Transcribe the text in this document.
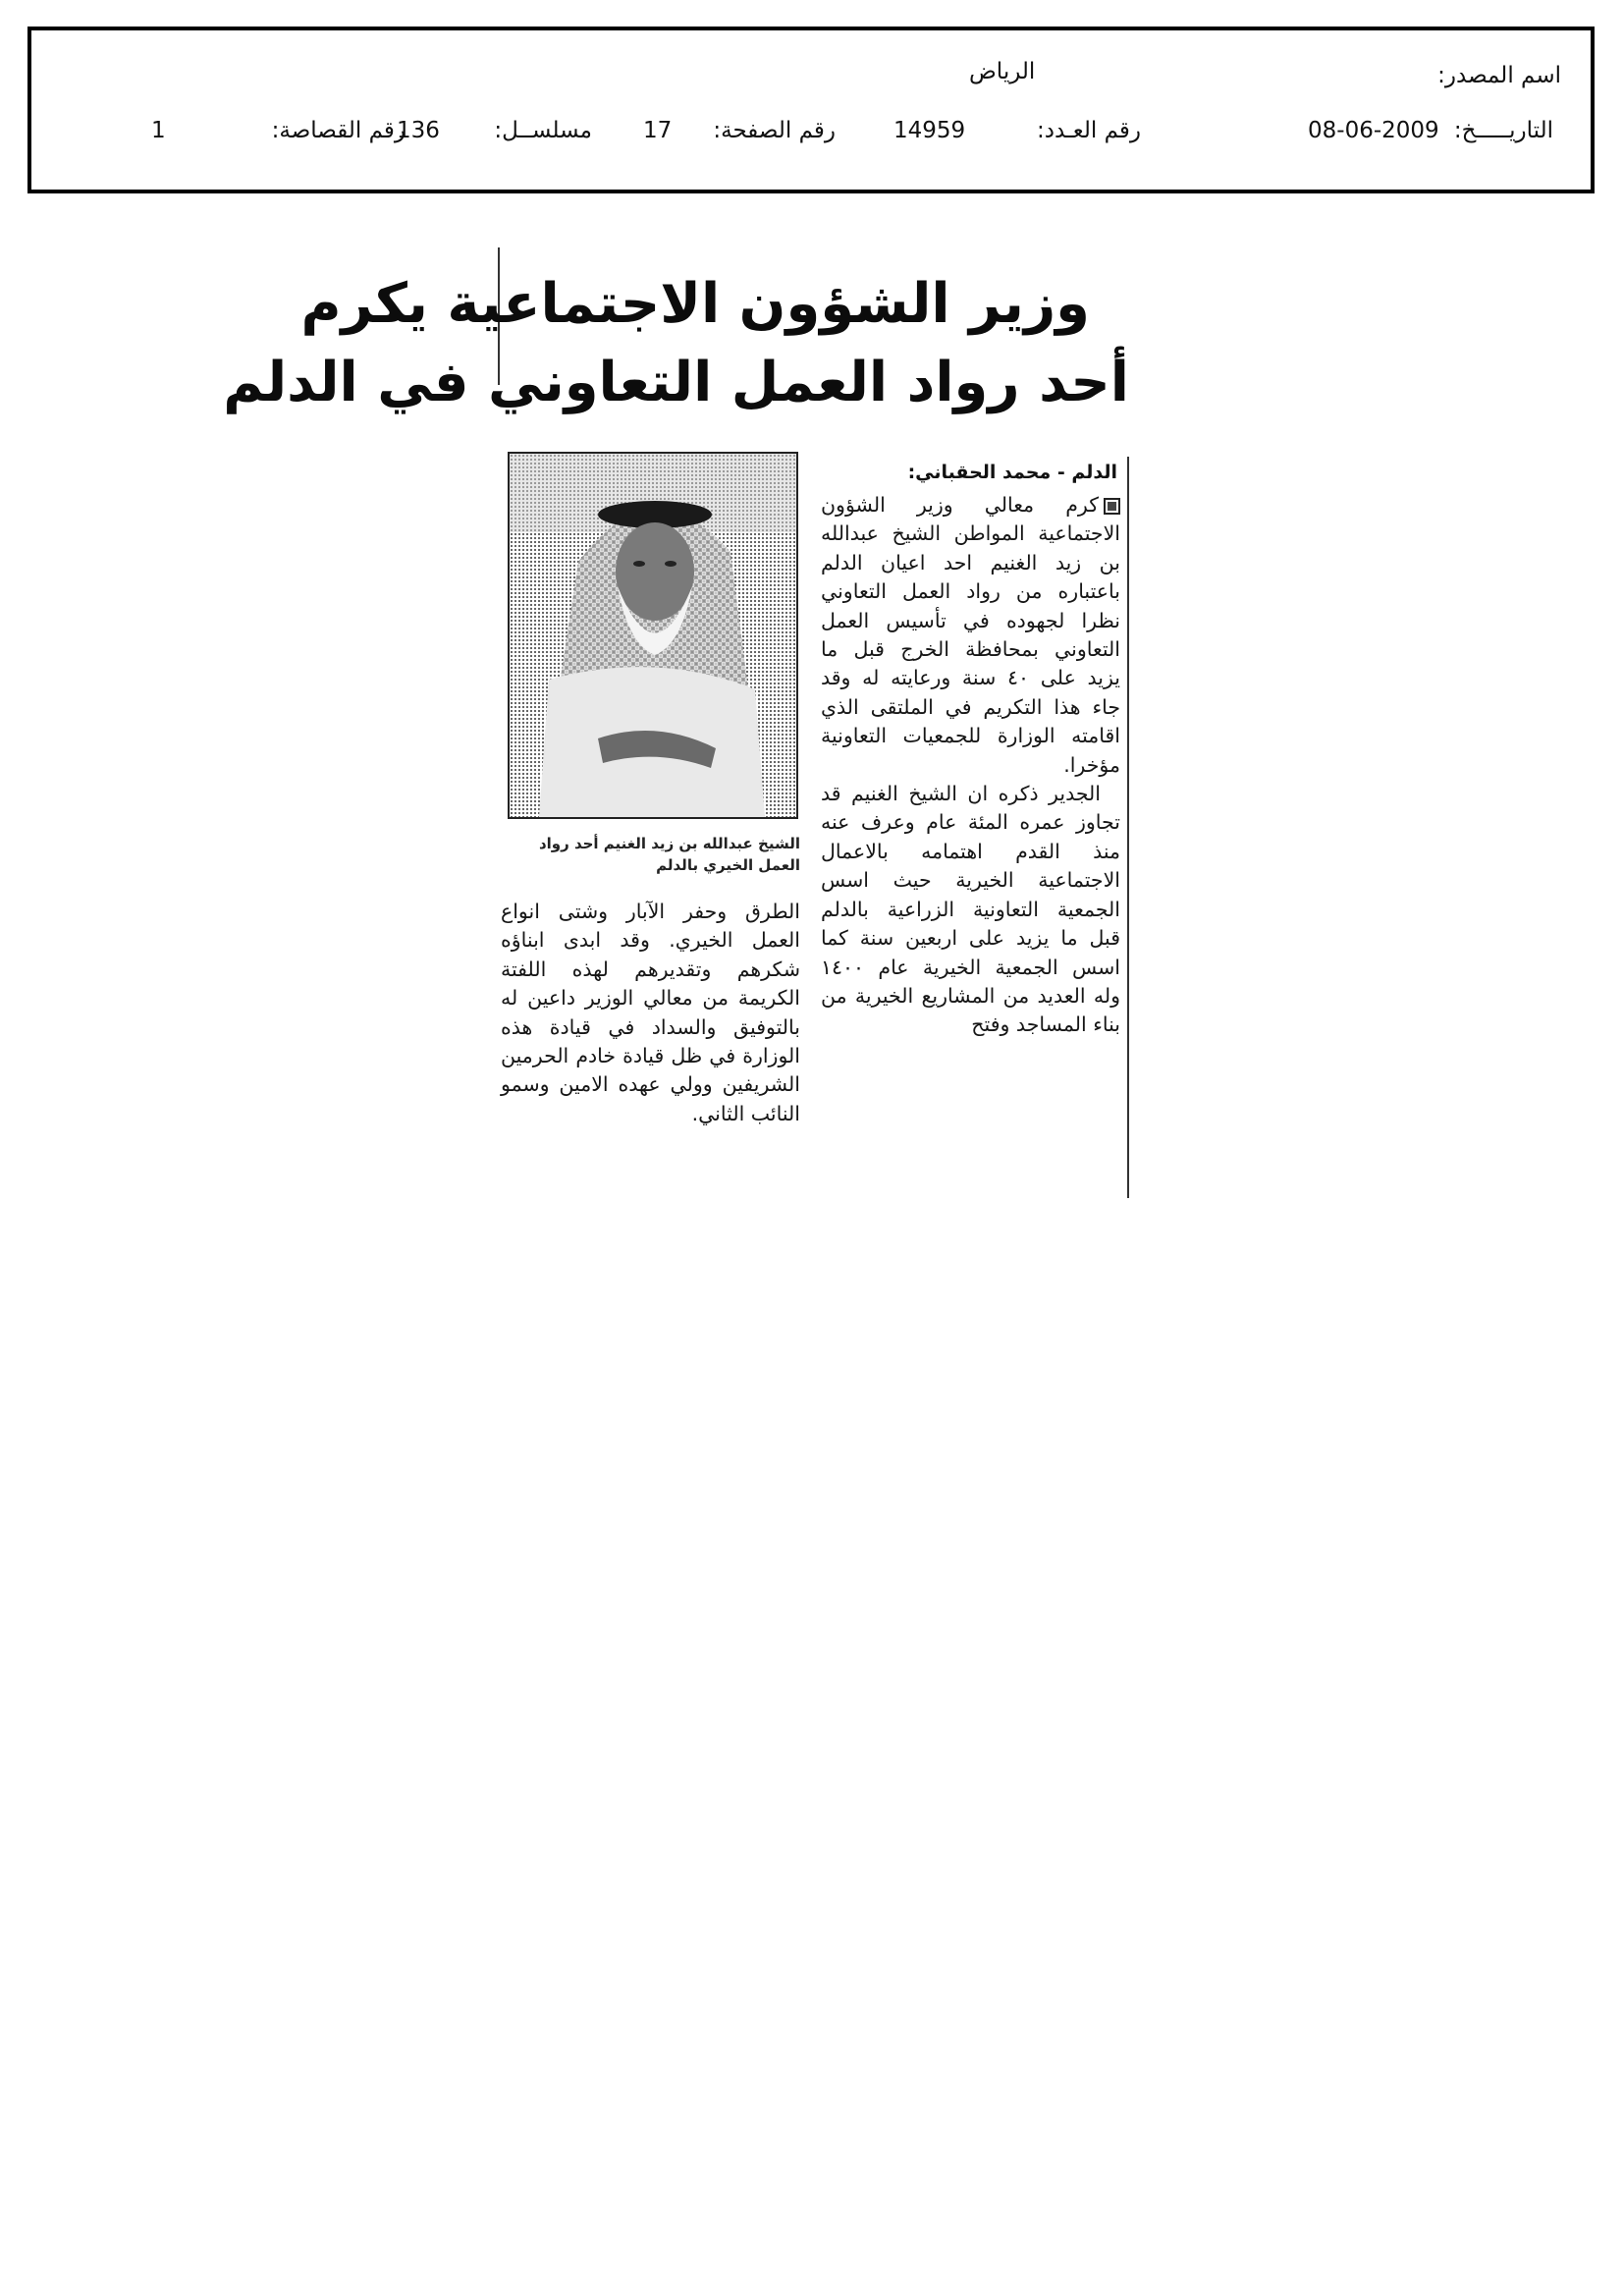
اسم المصدر:
الرياض
التاريـــــخ:
08-06-2009
رقم العـدد:
14959
رقم الصفحة:
17
مسلســل:
136
رقم القصاصة:
1
وزير الشؤون الاجتماعية يكرم
أحد رواد العمل التعاوني في الدلم
الدلم - محمد الحقباني:

كرم معالي وزير الشؤون الاجتماعية المواطن الشيخ عبدالله بن زيد الغنيم احد اعيان الدلم باعتباره من رواد العمل التعاوني نظرا لجهوده في تأسيس العمل التعاوني بمحافظة الخرج قبل ما يزيد على ٤٠ سنة ورعايته له وقد جاء هذا التكريم في الملتقى الذي اقامته الوزارة للجمعيات التعاونية مؤخرا.

الجدير ذكره ان الشيخ الغنيم قد تجاوز عمره المئة عام وعرف عنه منذ القدم اهتمامه بالاعمال الاجتماعية الخيرية حيث اسس الجمعية التعاونية الزراعية بالدلم قبل ما يزيد على اربعين سنة كما اسس الجمعية الخيرية عام ١٤٠٠ وله العديد من المشاريع الخيرية من بناء المساجد وفتح

الشيخ عبدالله بن زيد الغنيم أحد رواد العمل الخيري بالدلم

الطرق وحفر الآبار وشتى انواع العمل الخيري. وقد ابدى ابناؤه شكرهم وتقديرهم لهذه اللفتة الكريمة من معالي الوزير داعين له بالتوفيق والسداد في قيادة هذه الوزارة في ظل قيادة خادم الحرمين الشريفين وولي عهده الامين وسمو النائب الثاني.
